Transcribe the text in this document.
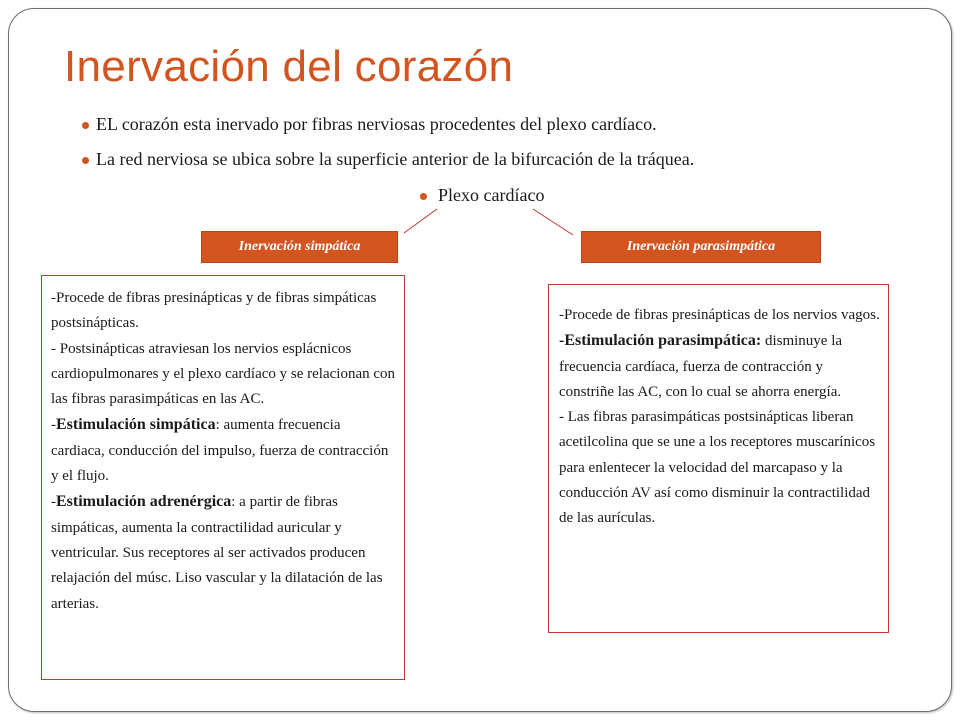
Inervación del corazón
EL corazón esta inervado por fibras nerviosas procedentes del plexo cardíaco.
La red nerviosa se ubica sobre la superficie anterior de la bifurcación de la tráquea.
Plexo cardíaco
Inervación simpática	Inervación parasimpática

-Procede de fibras presinápticas y de fibras simpáticas postsinápticas.

- Postsinápticas atraviesan los nervios esplácnicos cardiopulmonares y el plexo cardíaco y se relacionan con las fibras parasimpáticas en las AC.

-Estimulación simpática: aumenta frecuencia cardiaca, conducción del impulso, fuerza de contracción y el flujo.

-Estimulación adrenérgica: a partir de fibras simpáticas, aumenta la contractilidad auricular y ventricular. Sus receptores al ser activados producen relajación del músc. Liso vascular y la dilatación de las arterias.

-Procede de fibras presinápticas de los nervios vagos.

-Estimulación parasimpática: disminuye la frecuencia cardíaca, fuerza de contracción y constriñe las AC, con lo cual se ahorra energía.

- Las fibras parasimpáticas postsinápticas liberan acetilcolina que se une a los receptores muscarínicos para enlentecer la velocidad del marcapaso y la conducción AV así como disminuir la contractilidad de las aurículas.
